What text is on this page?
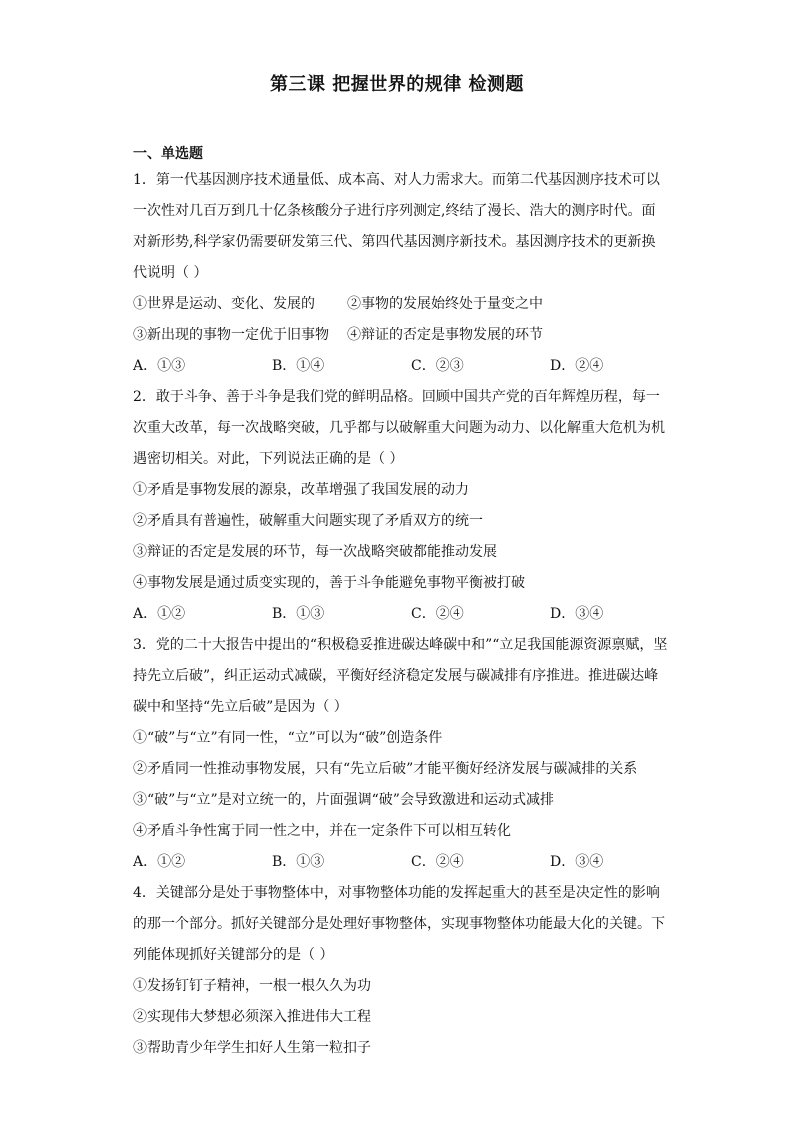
第三课 把握世界的规律 检测题
一、单选题
1．第一代基因测序技术通量低、成本高、对人力需求大。而第二代基因测序技术可以
一次性对几百万到几十亿条核酸分子进行序列测定,终结了漫长、浩大的测序时代。面
对新形势,科学家仍需要研发第三代、第四代基因测序新技术。基因测序技术的更新换
代说明（ ）
①世界是运动、变化、发展的	②事物的发展始终处于量变之中
③新出现的事物一定优于旧事物	④辩证的否定是事物发展的环节
A．①③	B．①④	C．②③	D．②④
2．敢于斗争、善于斗争是我们党的鲜明品格。回顾中国共产党的百年辉煌历程，每一
次重大改革，每一次战略突破，几乎都与以破解重大问题为动力、以化解重大危机为机
遇密切相关。对此，下列说法正确的是（ ）
①矛盾是事物发展的源泉，改革增强了我国发展的动力
②矛盾具有普遍性，破解重大问题实现了矛盾双方的统一
③辩证的否定是发展的环节，每一次战略突破都能推动发展
④事物发展是通过质变实现的，善于斗争能避免事物平衡被打破
A．①②	B．①③	C．②④	D．③④
3．党的二十大报告中提出的“积极稳妥推进碳达峰碳中和”“立足我国能源资源禀赋，坚
持先立后破”，纠正运动式减碳，平衡好经济稳定发展与碳减排有序推进。推进碳达峰
碳中和坚持“先立后破”是因为（ ）
①“破”与“立”有同一性，“立”可以为“破”创造条件
②矛盾同一性推动事物发展，只有“先立后破”才能平衡好经济发展与碳减排的关系
③“破”与“立”是对立统一的，片面强调“破”会导致激进和运动式减排
④矛盾斗争性寓于同一性之中，并在一定条件下可以相互转化
A．①②	B．①③	C．②④	D．③④
4．关键部分是处于事物整体中，对事物整体功能的发挥起重大的甚至是决定性的影响
的那一个部分。抓好关键部分是处理好事物整体，实现事物整体功能最大化的关键。下
列能体现抓好关键部分的是（ ）
①发扬钉钉子精神，一根一根久久为功
②实现伟大梦想必须深入推进伟大工程
③帮助青少年学生扣好人生第一粒扣子
